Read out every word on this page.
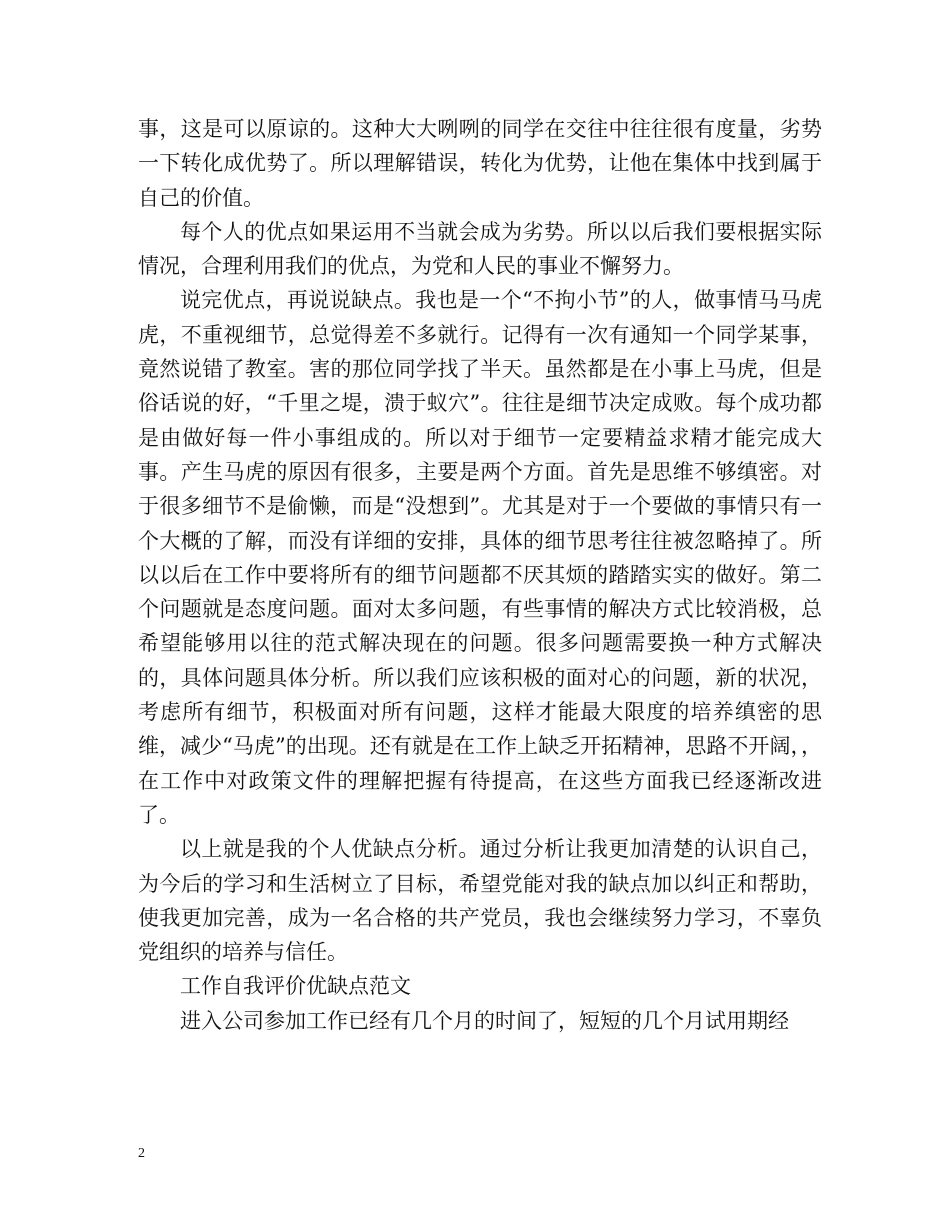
事，这是可以原谅的。这种大大咧咧的同学在交往中往往很有度量，劣势一下转化成优势了。所以理解错误，转化为优势，让他在集体中找到属于自己的价值。

每个人的优点如果运用不当就会成为劣势。所以以后我们要根据实际情况，合理利用我们的优点，为党和人民的事业不懈努力。

说完优点，再说说缺点。我也是一个“不拘小节”的人，做事情马马虎虎，不重视细节，总觉得差不多就行。记得有一次有通知一个同学某事，竟然说错了教室。害的那位同学找了半天。虽然都是在小事上马虎，但是俗话说的好，“千里之堤，溃于蚁穴”。往往是细节决定成败。每个成功都是由做好每一件小事组成的。所以对于细节一定要精益求精才能完成大事。产生马虎的原因有很多，主要是两个方面。首先是思维不够缜密。对于很多细节不是偷懒，而是“没想到”。尤其是对于一个要做的事情只有一个大概的了解，而没有详细的安排，具体的细节思考往往被忽略掉了。所以以后在工作中要将所有的细节问题都不厌其烦的踏踏实实的做好。第二个问题就是态度问题。面对太多问题，有些事情的解决方式比较消极，总希望能够用以往的范式解决现在的问题。很多问题需要换一种方式解决的，具体问题具体分析。所以我们应该积极的面对心的问题，新的状况，考虑所有细节，积极面对所有问题，这样才能最大限度的培养缜密的思维，减少“马虎”的出现。还有就是在工作上缺乏开拓精神，思路不开阔，，在工作中对政策文件的理解把握有待提高，在这些方面我已经逐渐改进了。

以上就是我的个人优缺点分析。通过分析让我更加清楚的认识自己，为今后的学习和生活树立了目标，希望党能对我的缺点加以纠正和帮助，使我更加完善，成为一名合格的共产党员，我也会继续努力学习，不辜负党组织的培养与信任。

工作自我评价优缺点范文

进入公司参加工作已经有几个月的时间了，短短的几个月试用期经

2
